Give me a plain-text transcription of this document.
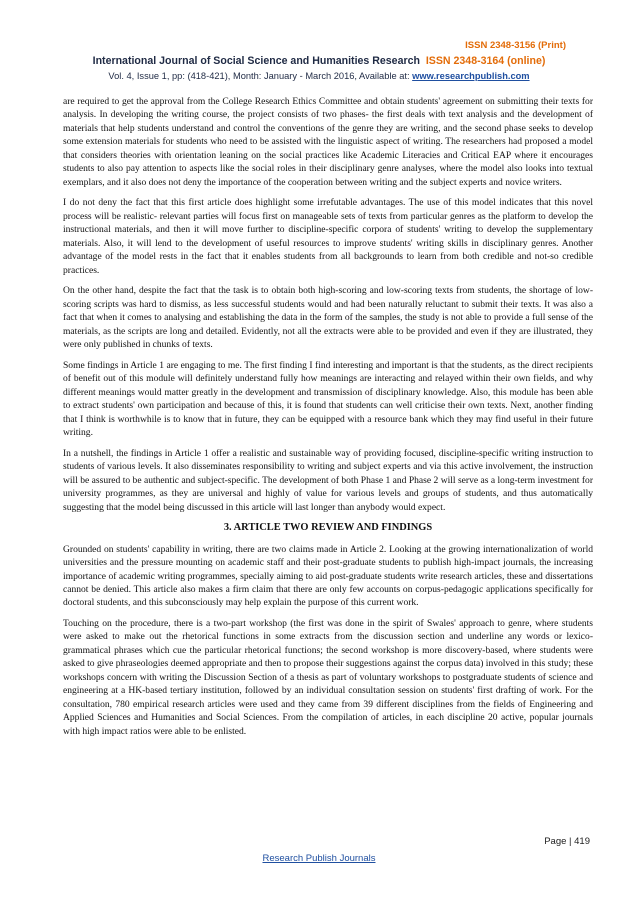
ISSN 2348-3156 (Print)
International Journal of Social Science and Humanities Research ISSN 2348-3164 (online)
Vol. 4, Issue 1, pp: (418-421), Month: January - March 2016, Available at: www.researchpublish.com

are required to get the approval from the College Research Ethics Committee and obtain students' agreement on submitting their texts for analysis. In developing the writing course, the project consists of two phases- the first deals with text analysis and the development of materials that help students understand and control the conventions of the genre they are writing, and the second phase seeks to develop some extension materials for students who need to be assisted with the linguistic aspect of writing. The researchers had proposed a model that considers theories with orientation leaning on the social practices like Academic Literacies and Critical EAP where it encourages students to also pay attention to aspects like the social roles in their disciplinary genre analyses, where the model also looks into textual exemplars, and it also does not deny the importance of the cooperation between writing and the subject experts and novice writers.

I do not deny the fact that this first article does highlight some irrefutable advantages. The use of this model indicates that this novel process will be realistic- relevant parties will focus first on manageable sets of texts from particular genres as the platform to develop the instructional materials, and then it will move further to discipline-specific corpora of students' writing to develop the supplementary materials. Also, it will lend to the development of useful resources to improve students' writing skills in disciplinary genres. Another advantage of the model rests in the fact that it enables students from all backgrounds to learn from both credible and not-so credible practices.

On the other hand, despite the fact that the task is to obtain both high-scoring and low-scoring texts from students, the shortage of low-scoring scripts was hard to dismiss, as less successful students would and had been naturally reluctant to submit their texts. It was also a fact that when it comes to analysing and establishing the data in the form of the samples, the study is not able to provide a full sense of the materials, as the scripts are long and detailed. Evidently, not all the extracts were able to be provided and even if they are illustrated, they were only published in chunks of texts.

Some findings in Article 1 are engaging to me. The first finding I find interesting and important is that the students, as the direct recipients of benefit out of this module will definitely understand fully how meanings are interacting and relayed within their own fields, and why different meanings would matter greatly in the development and transmission of disciplinary knowledge. Also, this module has been able to extract students' own participation and because of this, it is found that students can well criticise their own texts. Next, another finding that I think is worthwhile is to know that in future, they can be equipped with a resource bank which they may find useful in their future writing.

In a nutshell, the findings in Article 1 offer a realistic and sustainable way of providing focused, discipline-specific writing instruction to students of various levels. It also disseminates responsibility to writing and subject experts and via this active involvement, the instruction will be assured to be authentic and subject-specific. The development of both Phase 1 and Phase 2 will serve as a long-term investment for university programmes, as they are universal and highly of value for various levels and groups of students, and thus automatically suggesting that the model being discussed in this article will last longer than anybody would expect.

3. ARTICLE TWO REVIEW AND FINDINGS

Grounded on students' capability in writing, there are two claims made in Article 2. Looking at the growing internationalization of world universities and the pressure mounting on academic staff and their post-graduate students to publish high-impact journals, the increasing importance of academic writing programmes, specially aiming to aid post-graduate students write research articles, these and dissertations cannot be denied. This article also makes a firm claim that there are only few accounts on corpus-pedagogic applications specifically for doctoral students, and this subconsciously may help explain the purpose of this current work.

Touching on the procedure, there is a two-part workshop (the first was done in the spirit of Swales' approach to genre, where students were asked to make out the rhetorical functions in some extracts from the discussion section and underline any words or lexico-grammatical phrases which cue the particular rhetorical functions; the second workshop is more discovery-based, where students were asked to give phraseologies deemed appropriate and then to propose their suggestions against the corpus data) involved in this study; these workshops concern with writing the Discussion Section of a thesis as part of voluntary workshops to postgraduate students of science and engineering at a HK-based tertiary institution, followed by an individual consultation session on students' first drafting of work. For the consultation, 780 empirical research articles were used and they came from 39 different disciplines from the fields of Engineering and Applied Sciences and Humanities and Social Sciences. From the compilation of articles, in each discipline 20 active, popular journals with high impact ratios were able to be enlisted.

Page | 419
Research Publish Journals
